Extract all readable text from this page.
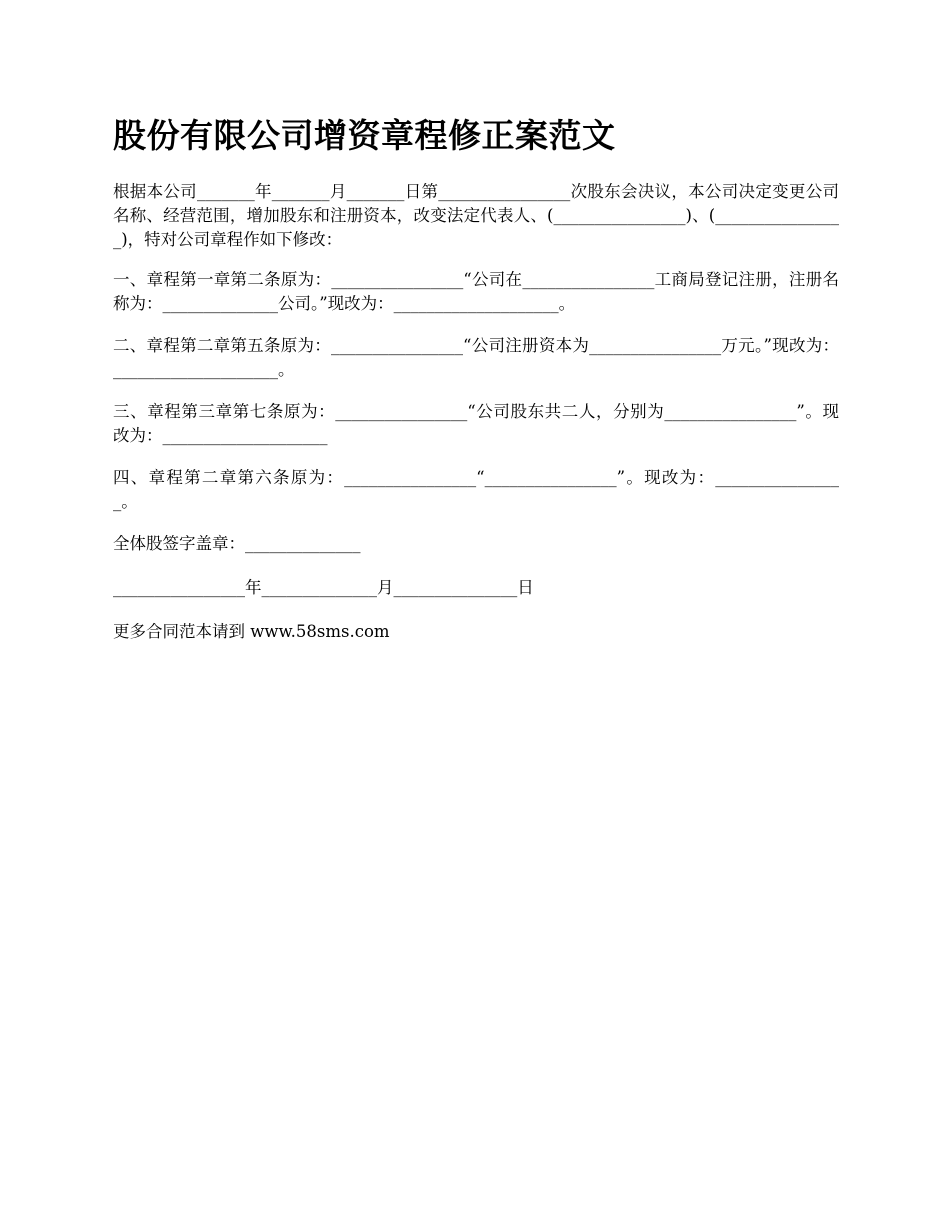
股份有限公司增资章程修正案范文

根据本公司_______年_______月_______日第________________次股东会决议，本公司决定变更公司名称、经营范围，增加股东和注册资本，改变法定代表人、(________________)、(________________)，特对公司章程作如下修改：

一、章程第一章第二条原为：________________“公司在________________工商局登记注册，注册名称为：______________公司。”现改为：____________________。

二、章程第二章第五条原为：________________“公司注册资本为________________万元。”现改为：____________________。

三、章程第三章第七条原为：________________“公司股东共二人，分别为________________”。现改为：____________________

四、章程第二章第六条原为：________________“________________”。现改为：________________。

全体股签字盖章：______________

________________年______________月_______________日

更多合同范本请到 www.58sms.com
